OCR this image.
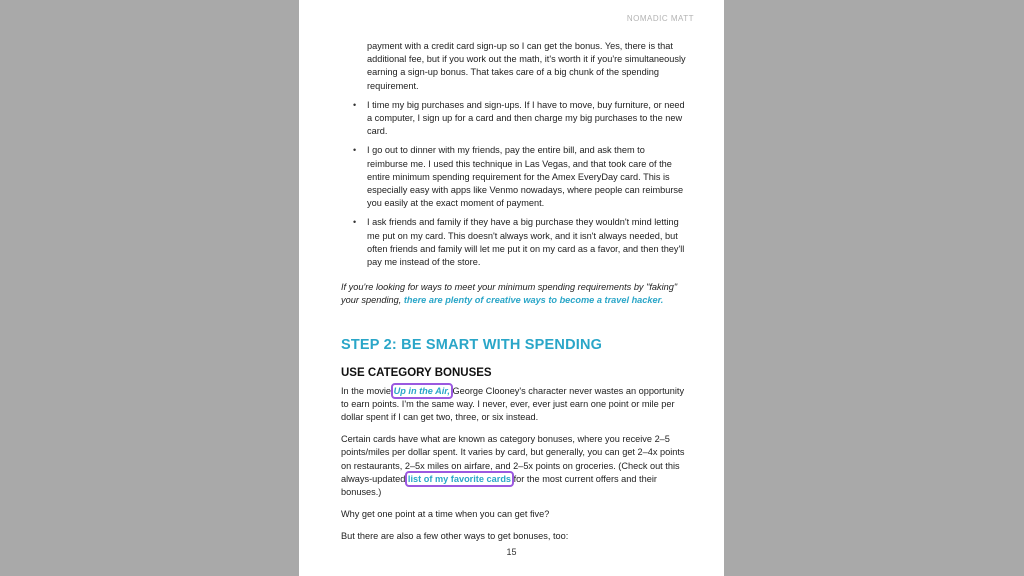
NOMADIC MATT
payment with a credit card sign-up so I can get the bonus. Yes, there is that additional fee, but if you work out the math, it's worth it if you're simultaneously earning a sign-up bonus. That takes care of a big chunk of the spending requirement.
• I time my big purchases and sign-ups. If I have to move, buy furniture, or need a computer, I sign up for a card and then charge my big purchases to the new card.
• I go out to dinner with my friends, pay the entire bill, and ask them to reimburse me. I used this technique in Las Vegas, and that took care of the entire minimum spending requirement for the Amex EveryDay card. This is especially easy with apps like Venmo nowadays, where people can reimburse you easily at the exact moment of payment.
• I ask friends and family if they have a big purchase they wouldn't mind letting me put on my card. This doesn't always work, and it isn't always needed, but often friends and family will let me put it on my card as a favor, and then they'll pay me instead of the store.

If you're looking for ways to meet your minimum spending requirements by "faking" your spending, there are plenty of creative ways to become a travel hacker.

STEP 2: BE SMART WITH SPENDING
USE CATEGORY BONUSES

In the movie Up in the Air, George Clooney's character never wastes an opportunity to earn points. I'm the same way. I never, ever, ever just earn one point or mile per dollar spent if I can get two, three, or six instead.

Certain cards have what are known as category bonuses, where you receive 2–5 points/miles per dollar spent. It varies by card, but generally, you can get 2–4x points on restaurants, 2–5x miles on airfare, and 2–5x points on groceries. (Check out this always-updated list of my favorite cards for the most current offers and their bonuses.)

Why get one point at a time when you can get five?

But there are also a few other ways to get bonuses, too:

15
